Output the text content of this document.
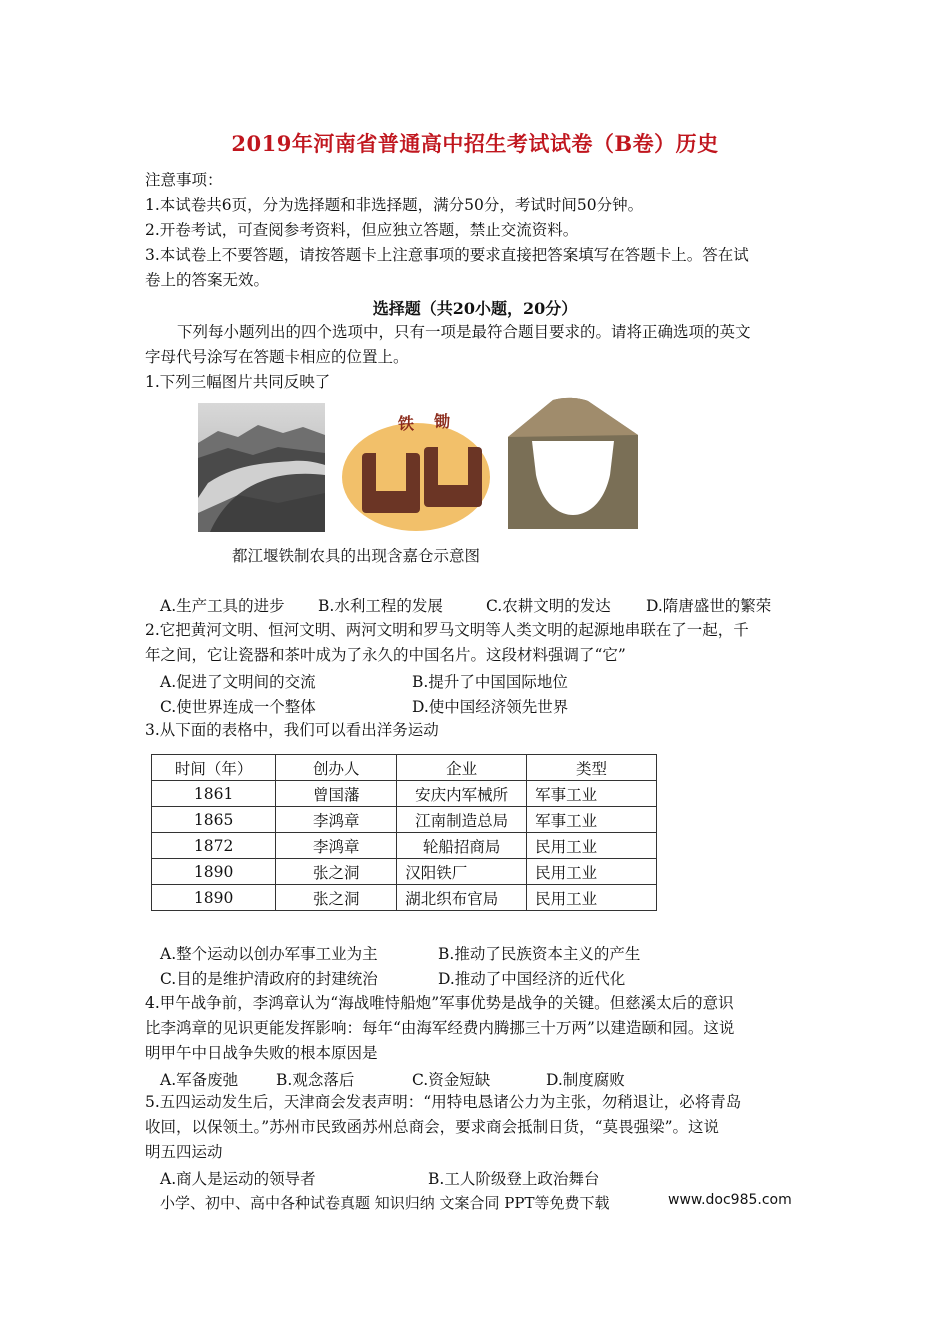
2019年河南省普通高中招生考试试卷（B卷）历史
注意事项：
1.本试卷共6页，分为选择题和非选择题，满分50分，考试时间50分钟。
2.开卷考试，可查阅参考资料，但应独立答题，禁止交流资料。
3.本试卷上不要答题，请按答题卡上注意事项的要求直接把答案填写在答题卡上。答在试
卷上的答案无效。
选择题（共20小题，20分）
下列每小题列出的四个选项中，只有一项是最符合题目要求的。请将正确选项的英文
字母代号涂写在答题卡相应的位置上。
1.下列三幅图片共同反映了
铁 锄
都江堰铁制农具的出现含嘉仓示意图
A.生产工具的进步 B.水利工程的发展	C.农耕文明的发达 D.隋唐盛世的繁荣
2.它把黄河文明、恒河文明、两河文明和罗马文明等人类文明的起源地串联在了一起，千
年之间，它让瓷器和茶叶成为了永久的中国名片。这段材料强调了“它”
A.促进了文明间的交流	B.提升了中国国际地位
C.使世界连成一个整体	D.使中国经济领先世界
3.从下面的表格中，我们可以看出洋务运动
时间（年）	创办人	企业	类型
1861	曾国藩	安庆内军械所	军事工业
1865	李鸿章	江南制造总局	军事工业
1872	李鸿章	轮船招商局	民用工业
1890	张之洞	汉阳铁厂	民用工业
1890	张之洞	湖北织布官局	民用工业
A.整个运动以创办军事工业为主	B.推动了民族资本主义的产生
C.目的是维护清政府的封建统治	D.推动了中国经济的近代化
4.甲午战争前，李鸿章认为“海战唯恃船炮”军事优势是战争的关键。但慈溪太后的意识
比李鸿章的见识更能发挥影响：每年“由海军经费内腾挪三十万两”以建造颐和园。这说
明甲午中日战争失败的根本原因是
A.军备废弛 B.观念落后	C.资金短缺	D.制度腐败
5.五四运动发生后，天津商会发表声明：“用特电恳诸公力为主张，勿稍退让，必将青岛
收回，以保领土。”苏州市民致函苏州总商会，要求商会抵制日货，“莫畏强梁”。这说
明五四运动
A.商人是运动的领导者	B.工人阶级登上政治舞台
小学、初中、高中各种试卷真题 知识归纳 文案合同 PPT等免费下载	www.doc985.com
